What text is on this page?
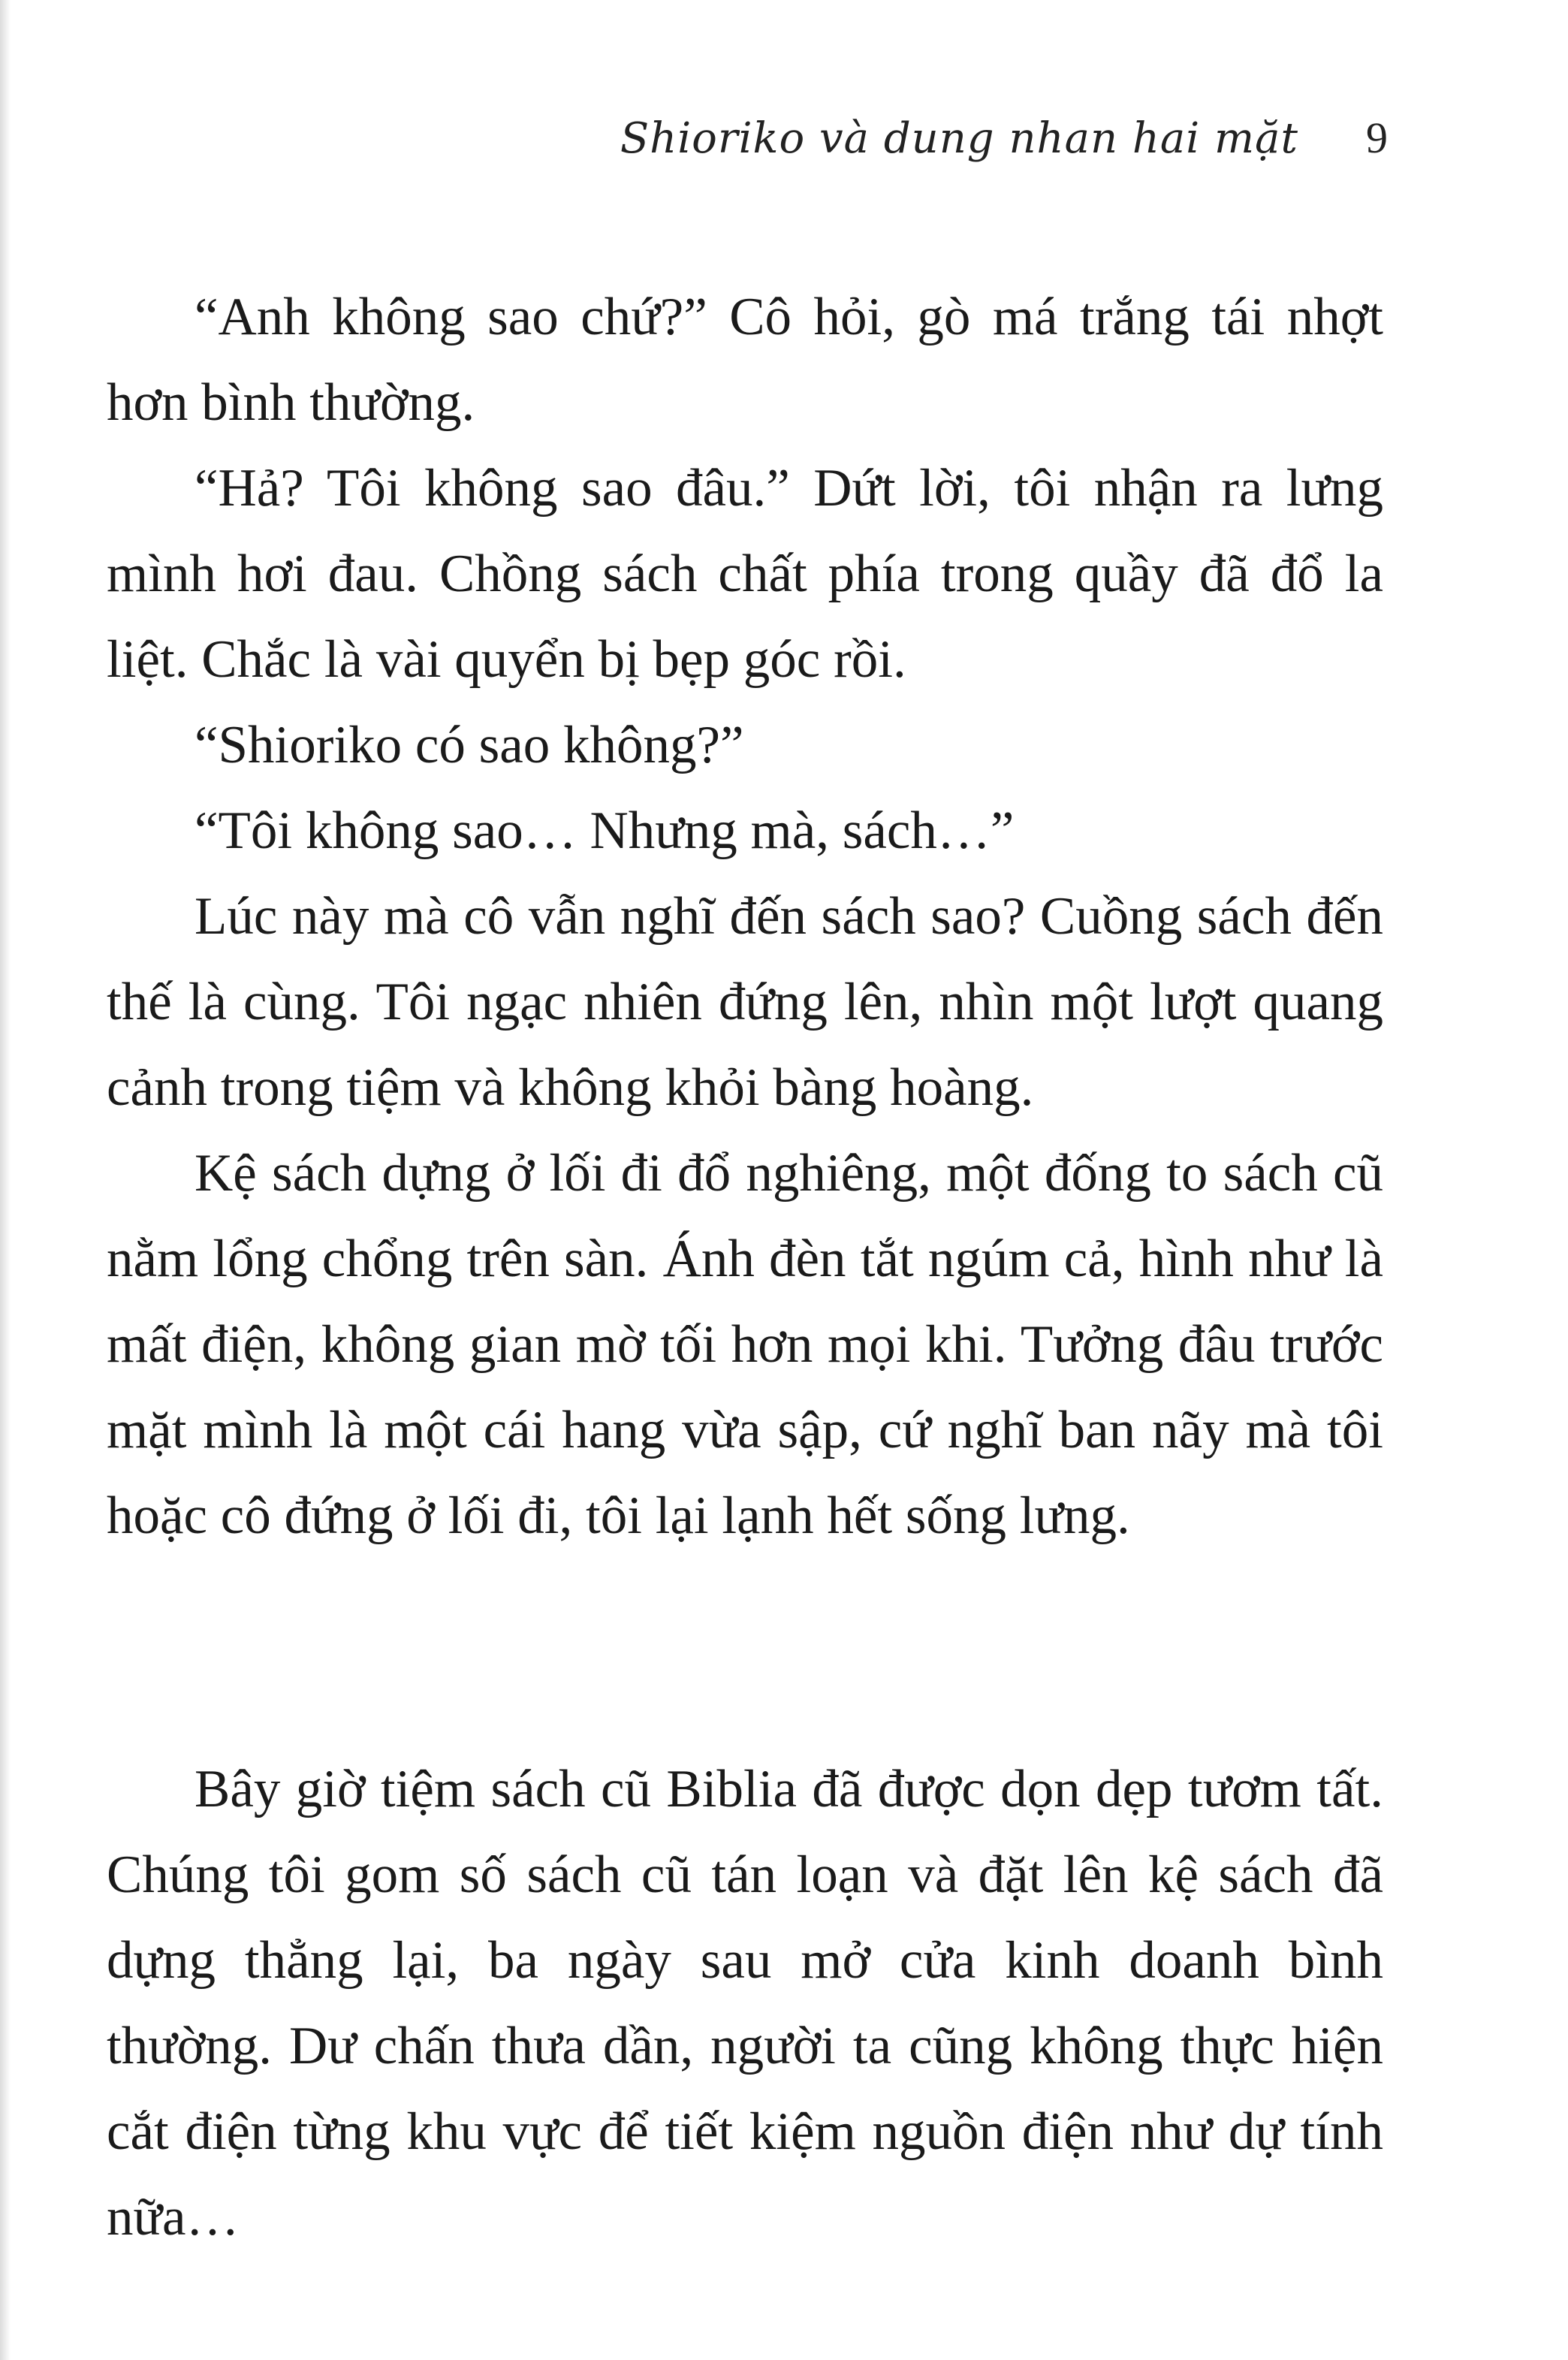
Shioriko và dung nhan hai mặt 9

“Anh không sao chứ?” Cô hỏi, gò má trắng tái nhợt hơn bình thường.

“Hả? Tôi không sao đâu.” Dứt lời, tôi nhận ra lưng mình hơi đau. Chồng sách chất phía trong quầy đã đổ la liệt. Chắc là vài quyển bị bẹp góc rồi.

“Shioriko có sao không?”

“Tôi không sao… Nhưng mà, sách…”

Lúc này mà cô vẫn nghĩ đến sách sao? Cuồng sách đến thế là cùng. Tôi ngạc nhiên đứng lên, nhìn một lượt quang cảnh trong tiệm và không khỏi bàng hoàng.

Kệ sách dựng ở lối đi đổ nghiêng, một đống to sách cũ nằm lổng chổng trên sàn. Ánh đèn tắt ngúm cả, hình như là mất điện, không gian mờ tối hơn mọi khi. Tưởng đâu trước mặt mình là một cái hang vừa sập, cứ nghĩ ban nãy mà tôi hoặc cô đứng ở lối đi, tôi lại lạnh hết sống lưng.

Bây giờ tiệm sách cũ Biblia đã được dọn dẹp tươm tất. Chúng tôi gom số sách cũ tán loạn và đặt lên kệ sách đã dựng thẳng lại, ba ngày sau mở cửa kinh doanh bình thường. Dư chấn thưa dần, người ta cũng không thực hiện cắt điện từng khu vực để tiết kiệm nguồn điện như dự tính nữa…
